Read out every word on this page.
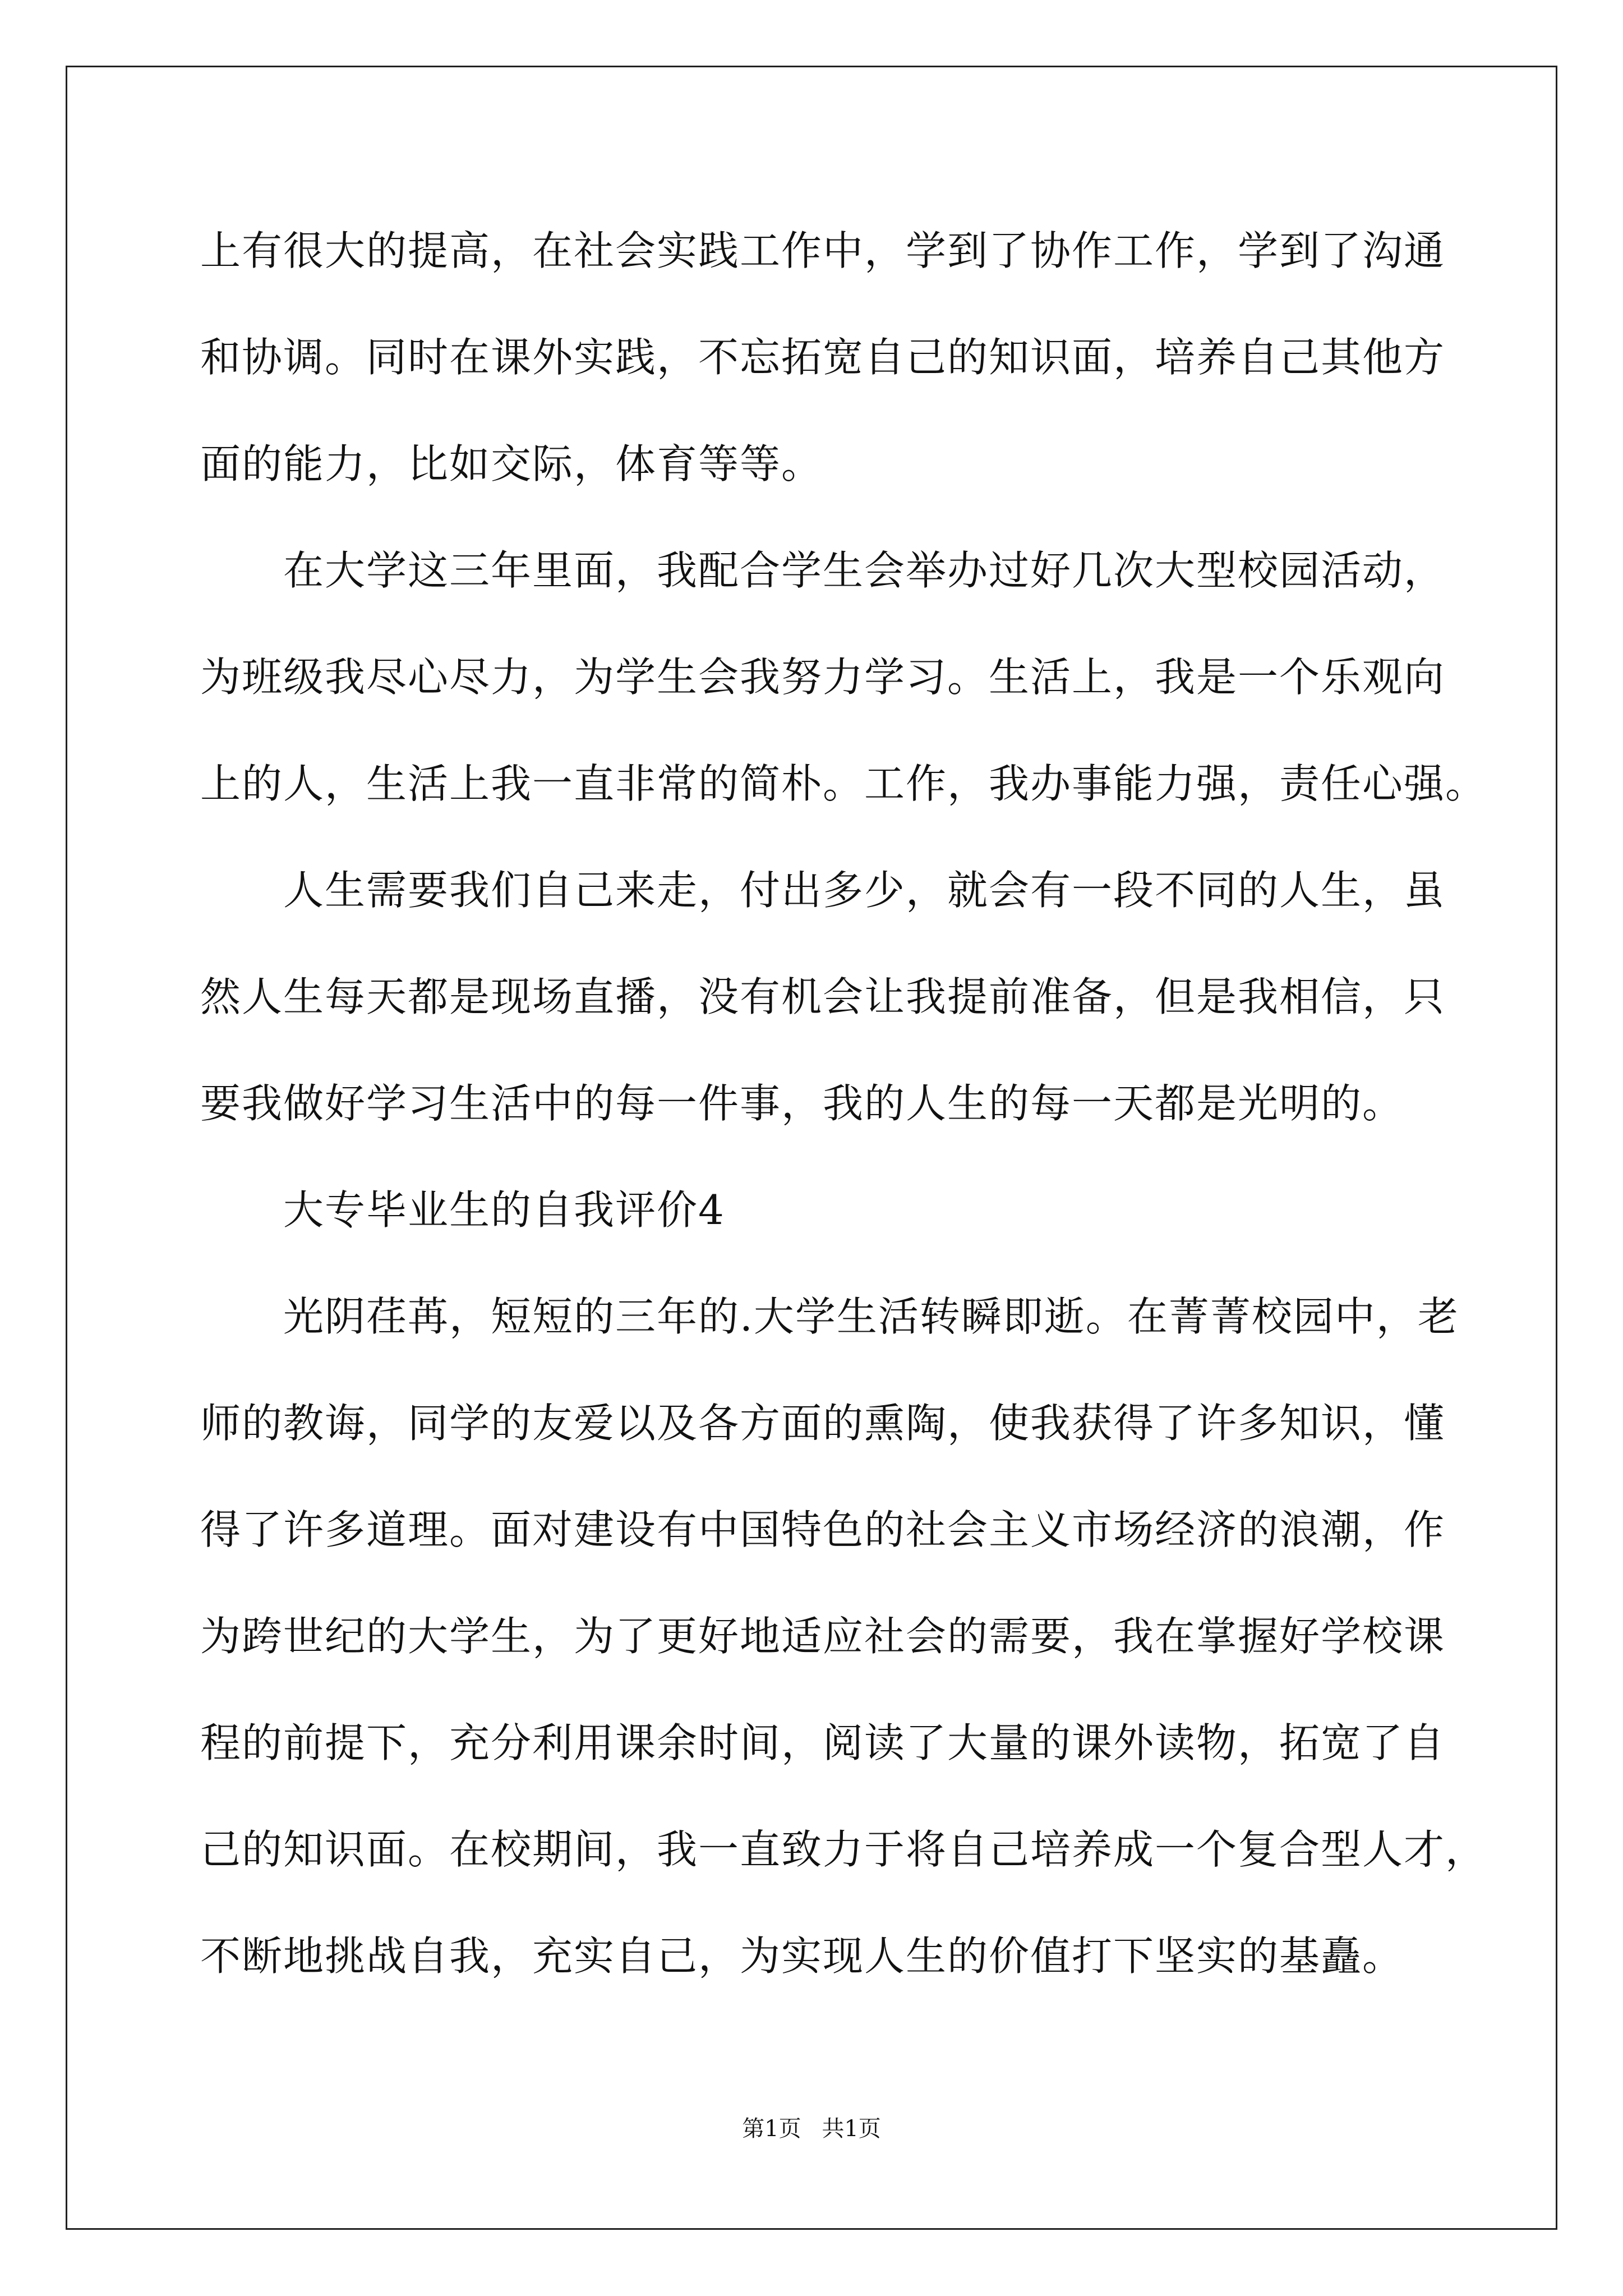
上有很大的提高，在社会实践工作中，学到了协作工作，学到了沟通
和协调。同时在课外实践，不忘拓宽自己的知识面，培养自己其他方
面的能力，比如交际，体育等等。
在大学这三年里面，我配合学生会举办过好几次大型校园活动，
为班级我尽心尽力，为学生会我努力学习。生活上，我是一个乐观向
上的人，生活上我一直非常的简朴。工作，我办事能力强，责任心强。
人生需要我们自己来走，付出多少，就会有一段不同的人生，虽
然人生每天都是现场直播，没有机会让我提前准备，但是我相信，只
要我做好学习生活中的每一件事，我的人生的每一天都是光明的。
大专毕业生的自我评价4
光阴荏苒，短短的三年的.大学生活转瞬即逝。在菁菁校园中，老
师的教诲，同学的友爱以及各方面的熏陶，使我获得了许多知识，懂
得了许多道理。面对建设有中国特色的社会主义市场经济的浪潮，作
为跨世纪的大学生，为了更好地适应社会的需要，我在掌握好学校课
程的前提下，充分利用课余时间，阅读了大量的课外读物，拓宽了自
己的知识面。在校期间，我一直致力于将自己培养成一个复合型人才，
不断地挑战自我，充实自己，为实现人生的价值打下坚实的基矗。
第1页 共1页
